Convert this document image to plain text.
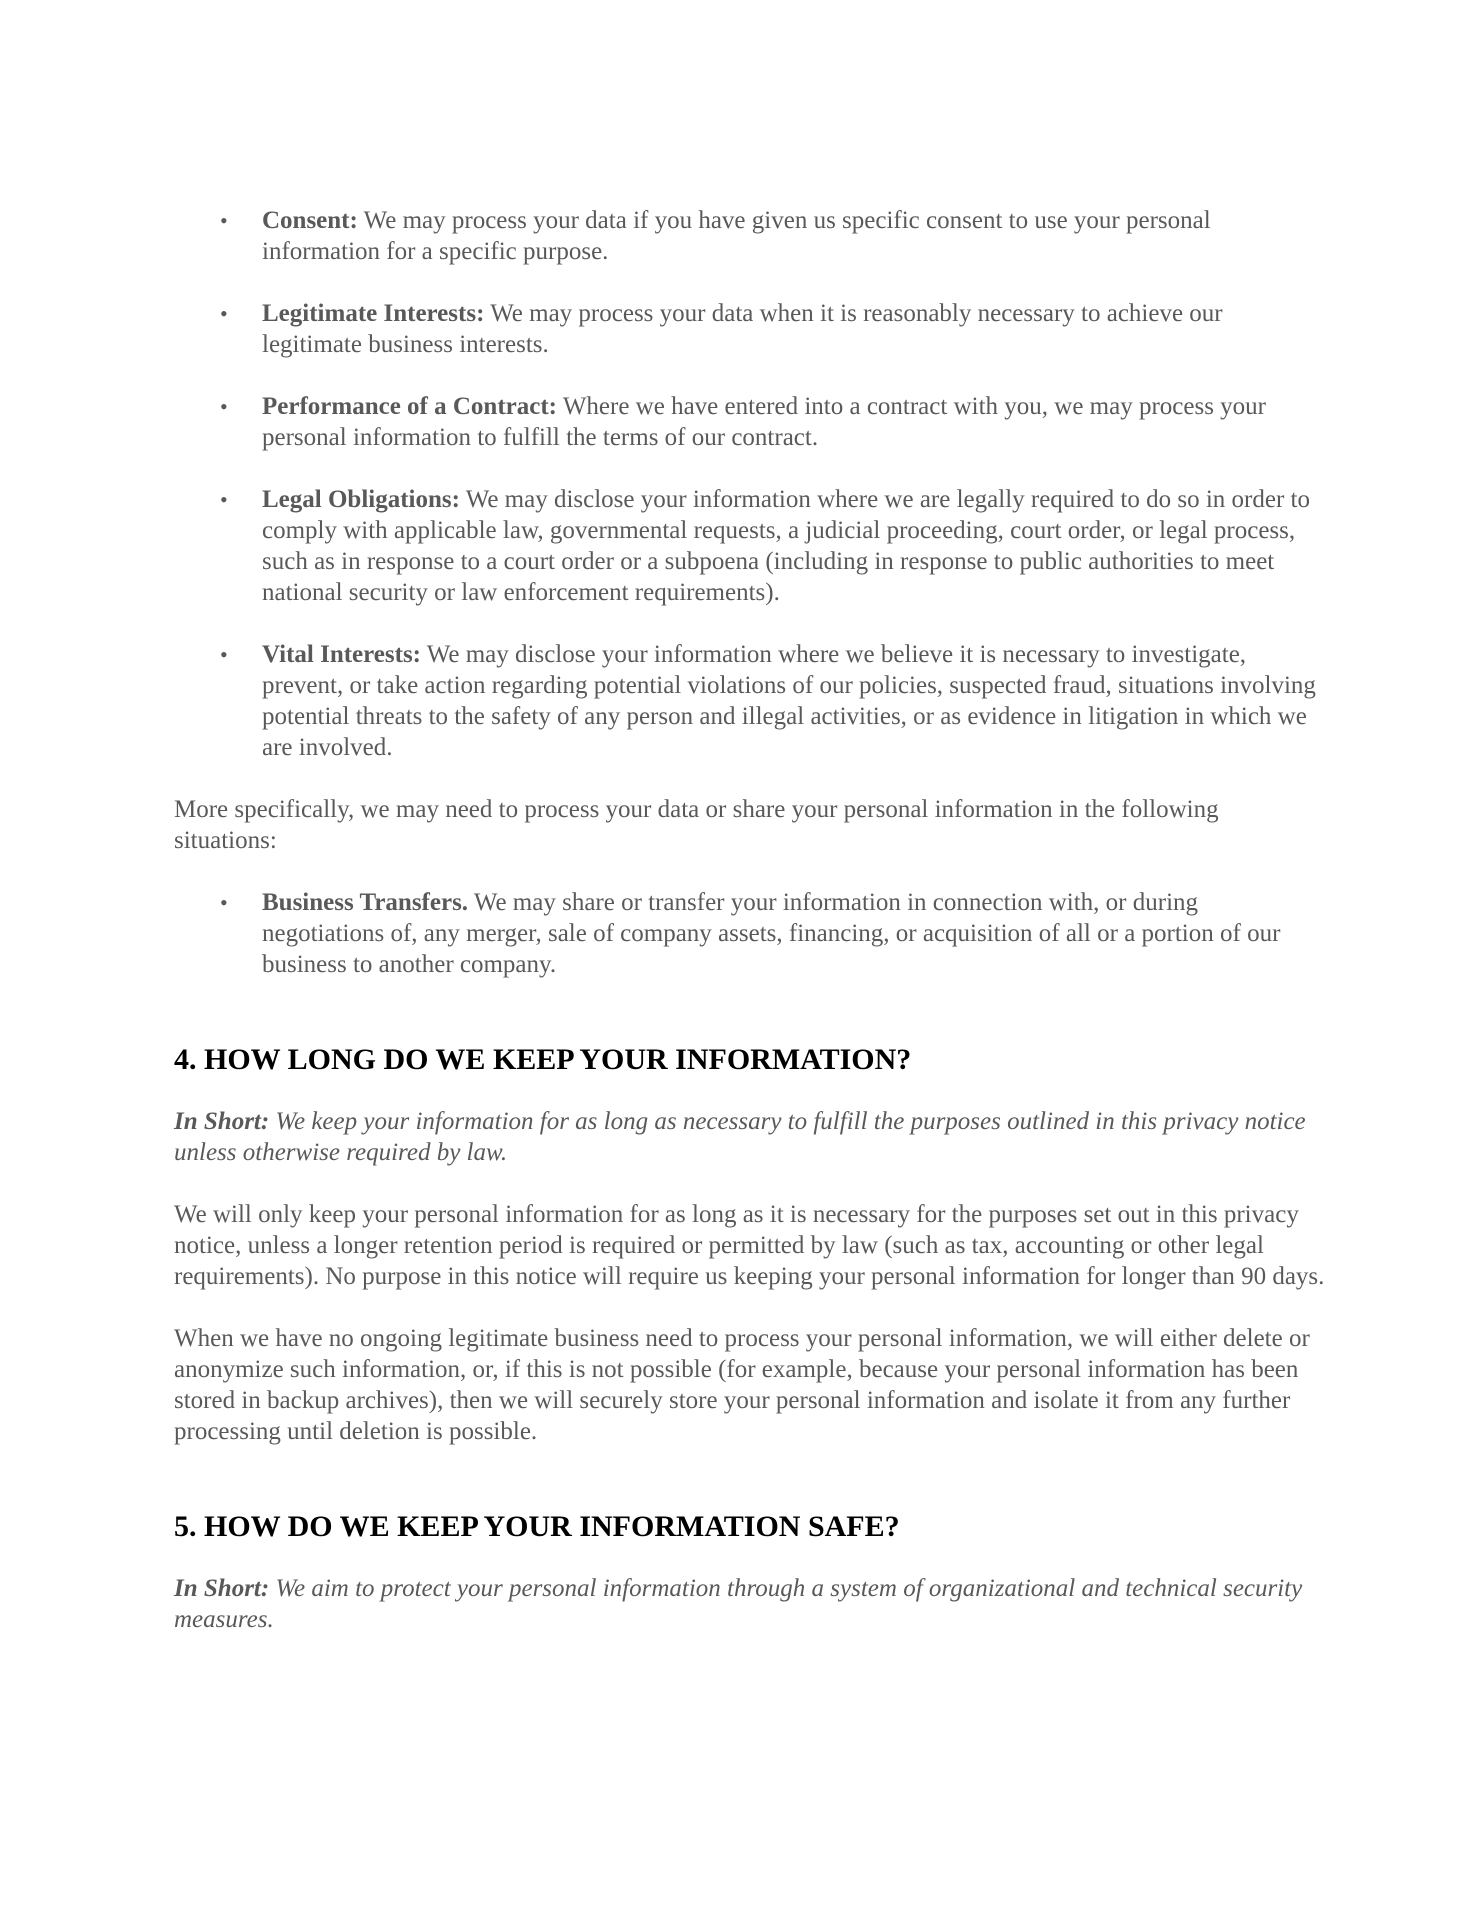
• Consent: We may process your data if you have given us specific consent to use your personal information for a specific purpose.
• Legitimate Interests: We may process your data when it is reasonably necessary to achieve our legitimate business interests.
• Performance of a Contract: Where we have entered into a contract with you, we may process your personal information to fulfill the terms of our contract.
• Legal Obligations: We may disclose your information where we are legally required to do so in order to comply with applicable law, governmental requests, a judicial proceeding, court order, or legal process, such as in response to a court order or a subpoena (including in response to public authorities to meet national security or law enforcement requirements).
• Vital Interests: We may disclose your information where we believe it is necessary to investigate, prevent, or take action regarding potential violations of our policies, suspected fraud, situations involving potential threats to the safety of any person and illegal activities, or as evidence in litigation in which we are involved.

More specifically, we may need to process your data or share your personal information in the following situations:

• Business Transfers. We may share or transfer your information in connection with, or during negotiations of, any merger, sale of company assets, financing, or acquisition of all or a portion of our business to another company.
4. HOW LONG DO WE KEEP YOUR INFORMATION?

In Short: We keep your information for as long as necessary to fulfill the purposes outlined in this privacy notice unless otherwise required by law.

We will only keep your personal information for as long as it is necessary for the purposes set out in this privacy notice, unless a longer retention period is required or permitted by law (such as tax, accounting or other legal requirements). No purpose in this notice will require us keeping your personal information for longer than 90 days.

When we have no ongoing legitimate business need to process your personal information, we will either delete or anonymize such information, or, if this is not possible (for example, because your personal information has been stored in backup archives), then we will securely store your personal information and isolate it from any further processing until deletion is possible.

5. HOW DO WE KEEP YOUR INFORMATION SAFE?

In Short: We aim to protect your personal information through a system of organizational and technical security measures.
